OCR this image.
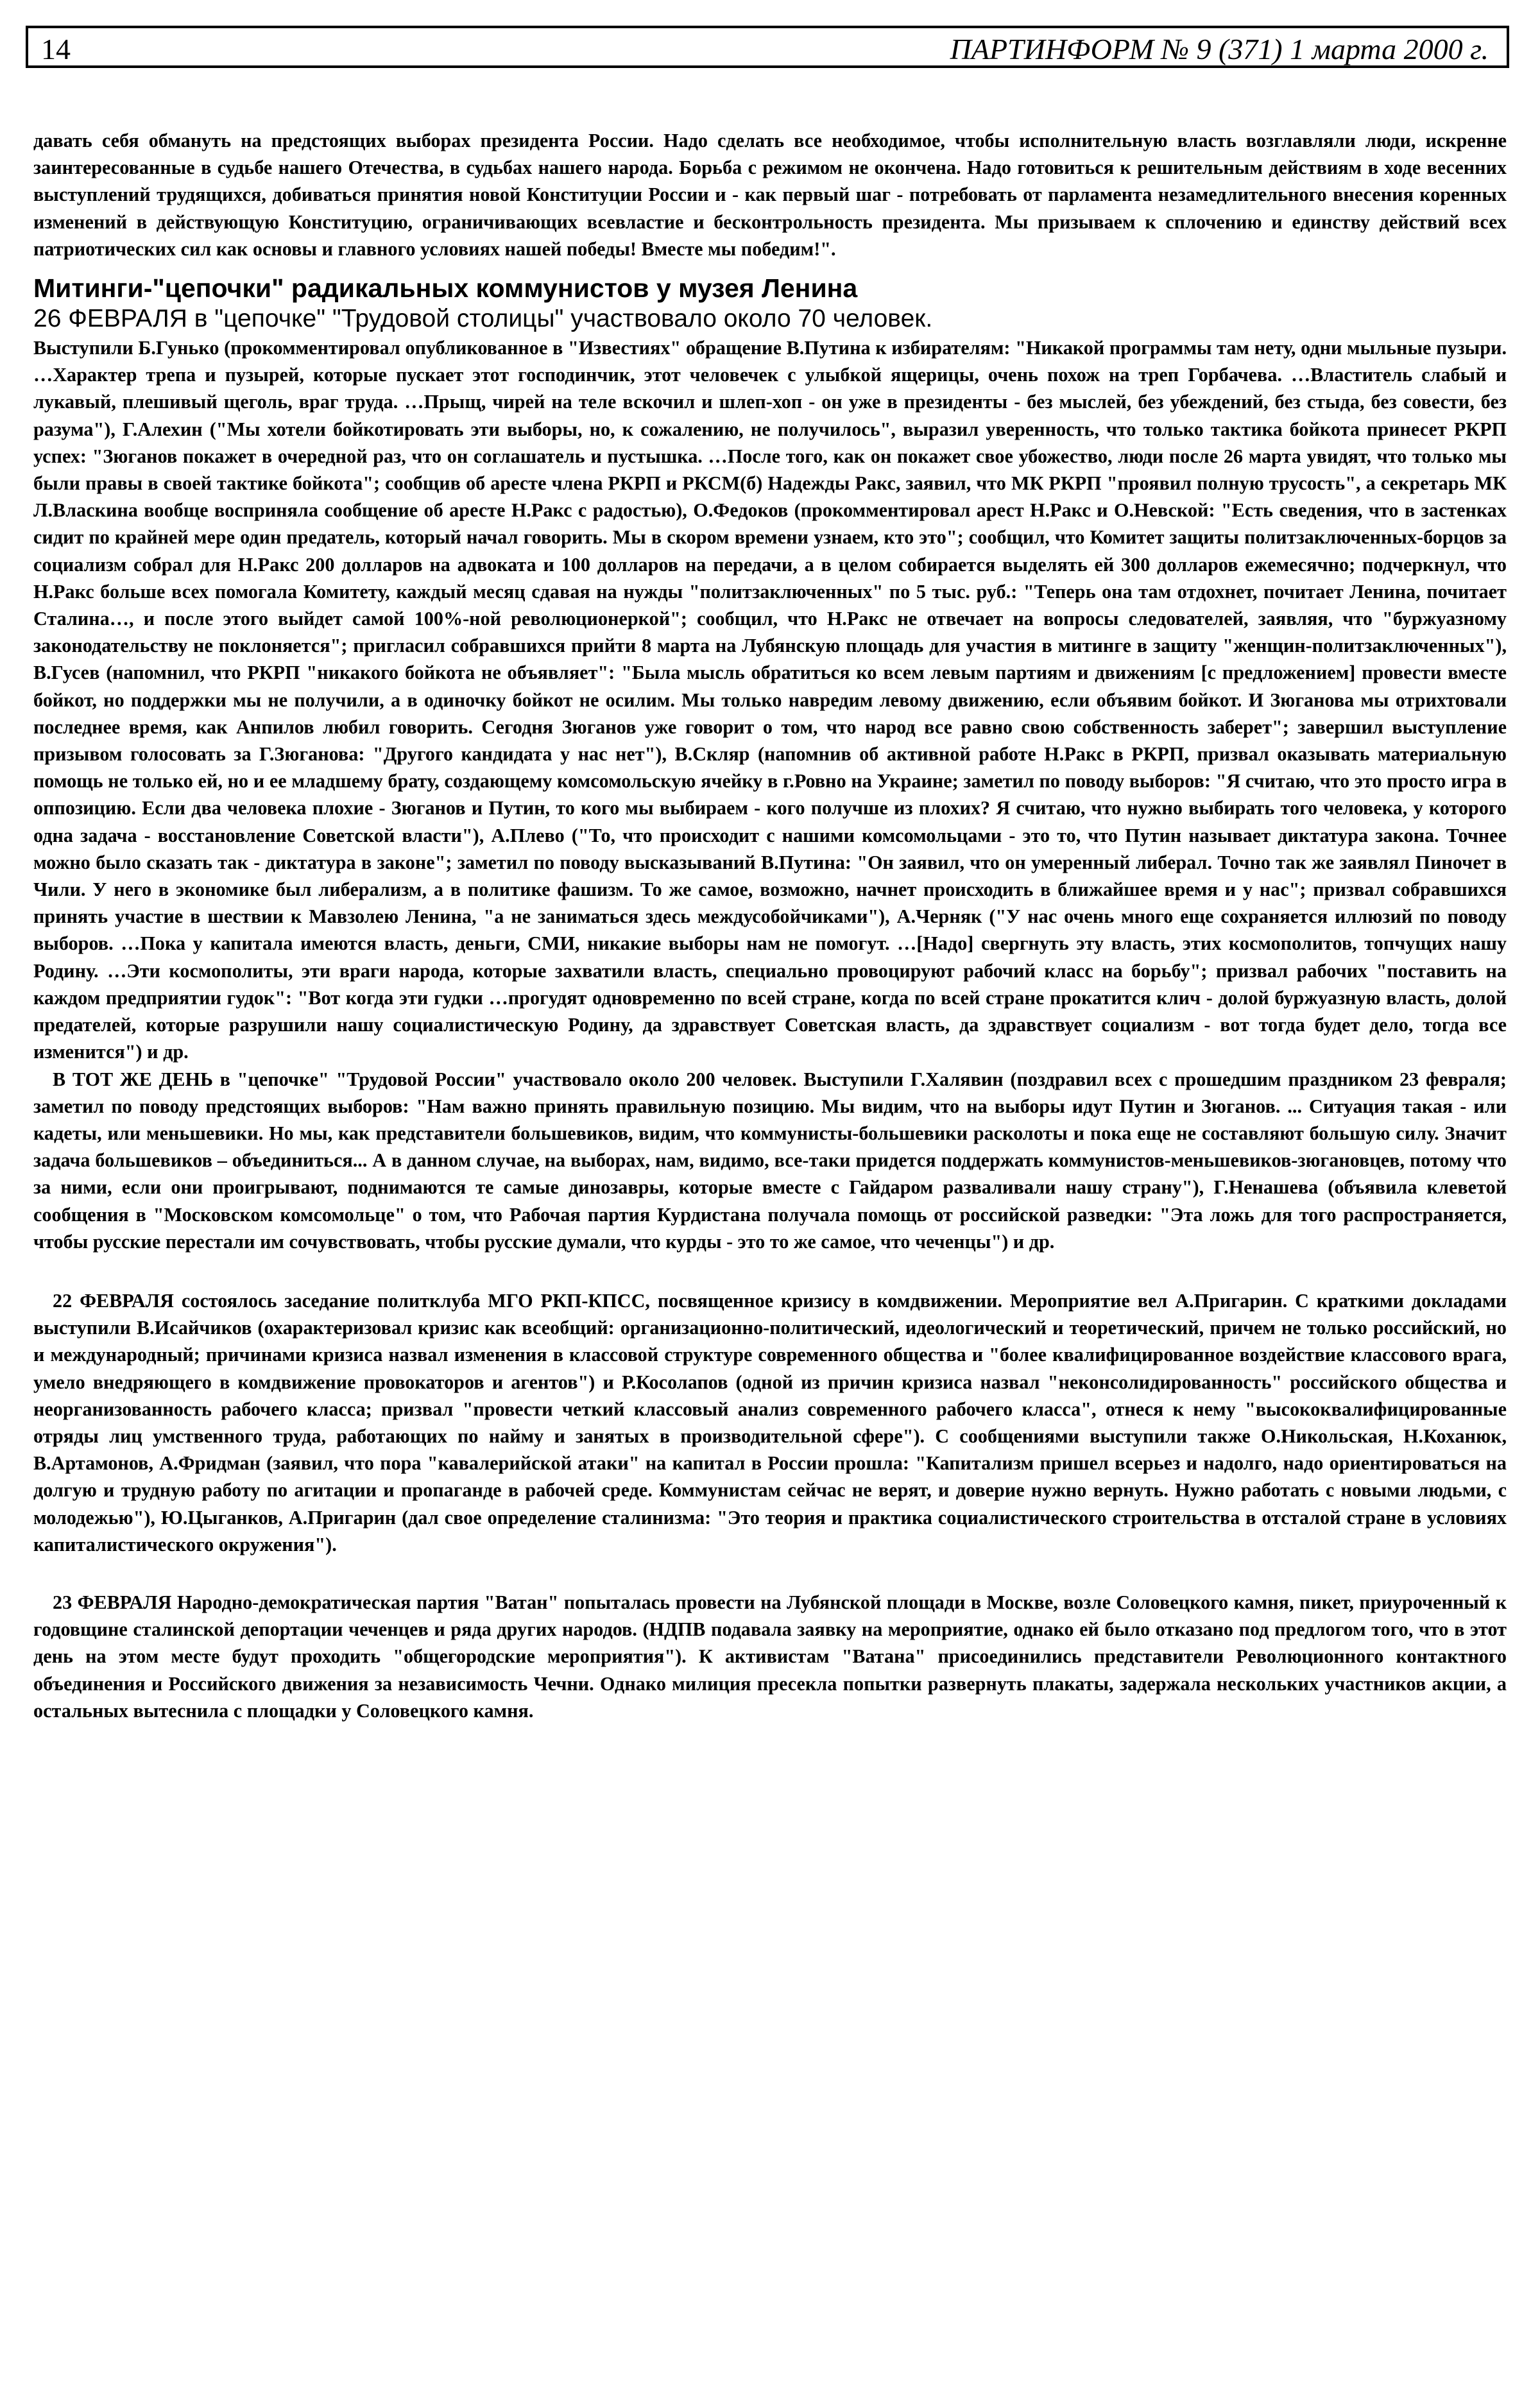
14	ПАРТИНФОРМ № 9 (371) 1 марта 2000 г.

давать себя обмануть на предстоящих выборах президента России. Надо сделать все необходимое, чтобы исполнительную власть возглавляли люди, искренне заинтересованные в судьбе нашего Отечества, в судьбах нашего народа. Борьба с режимом не окончена. Надо готовиться к решительным действиям в ходе весенних выступлений трудящихся, добиваться принятия новой Конституции России и - как первый шаг - потребовать от парламента незамедлительного внесения коренных изменений в действующую Конституцию, ограничивающих всевластие и бесконтрольность президента. Мы призываем к сплочению и единству действий всех патриотических сил как основы и главного условиях нашей победы! Вместе мы победим!".

Митинги-"цепочки" радикальных коммунистов у музея Ленина

26 ФЕВРАЛЯ в "цепочке" "Трудовой столицы" участвовало около 70 человек.

Выступили Б.Гунько (прокомментировал опубликованное в "Известиях" обращение В.Путина к избирателям: "Никакой программы там нету, одни мыльные пузыри. …Характер трепа и пузырей, которые пускает этот господинчик, этот человечек с улыбкой ящерицы, очень похож на треп Горбачева. …Властитель слабый и лукавый, плешивый щеголь, враг труда. …Прыщ, чирей на теле вскочил и шлеп-хоп - он уже в президенты - без мыслей, без убеждений, без стыда, без совести, без разума"), Г.Алехин ("Мы хотели бойкотировать эти выборы, но, к сожалению, не получилось", выразил уверенность, что только тактика бойкота принесет РКРП успех: "Зюганов покажет в очередной раз, что он соглашатель и пустышка. …После того, как он покажет свое убожество, люди после 26 марта увидят, что только мы были правы в своей тактике бойкота"; сообщив об аресте члена РКРП и РКСМ(б) Надежды Ракс, заявил, что МК РКРП "проявил полную трусость", а секретарь МК Л.Власкина вообще восприняла сообщение об аресте Н.Ракс с радостью), О.Федоков (прокомментировал арест Н.Ракс и О.Невской: "Есть сведения, что в застенках сидит по крайней мере один предатель, который начал говорить. Мы в скором времени узнаем, кто это"; сообщил, что Комитет защиты политзаключенных-борцов за социализм собрал для Н.Ракс 200 долларов на адвоката и 100 долларов на передачи, а в целом собирается выделять ей 300 долларов ежемесячно; подчеркнул, что Н.Ракс больше всех помогала Комитету, каждый месяц сдавая на нужды "политзаключенных" по 5 тыс. руб.: "Теперь она там отдохнет, почитает Ленина, почитает Сталина…, и после этого выйдет самой 100%-ной революционеркой"; сообщил, что Н.Ракс не отвечает на вопросы следователей, заявляя, что "буржуазному законодательству не поклоняется"; пригласил собравшихся прийти 8 марта на Лубянскую площадь для участия в митинге в защиту "женщин-политзаключенных"), В.Гусев (напомнил, что РКРП "никакого бойкота не объявляет": "Была мысль обратиться ко всем левым партиям и движениям [с предложением] провести вместе бойкот, но поддержки мы не получили, а в одиночку бойкот не осилим. Мы только навредим левому движению, если объявим бойкот. И Зюганова мы отрихтовали последнее время, как Анпилов любил говорить. Сегодня Зюганов уже говорит о том, что народ все равно свою собственность заберет"; завершил выступление призывом голосовать за Г.Зюганова: "Другого кандидата у нас нет"), В.Скляр (напомнив об активной работе Н.Ракс в РКРП, призвал оказывать материальную помощь не только ей, но и ее младшему брату, создающему комсомольскую ячейку в г.Ровно на Украине; заметил по поводу выборов: "Я считаю, что это просто игра в оппозицию. Если два человека плохие - Зюганов и Путин, то кого мы выбираем - кого получше из плохих? Я считаю, что нужно выбирать того человека, у которого одна задача - восстановление Советской власти"), А.Плево ("То, что происходит с нашими комсомольцами - это то, что Путин называет диктатура закона. Точнее можно было сказать так - диктатура в законе"; заметил по поводу высказываний В.Путина: "Он заявил, что он умеренный либерал. Точно так же заявлял Пиночет в Чили. У него в экономике был либерализм, а в политике фашизм. То же самое, возможно, начнет происходить в ближайшее время и у нас"; призвал собравшихся принять участие в шествии к Мавзолею Ленина, "а не заниматься здесь междусобойчиками"), А.Черняк ("У нас очень много еще сохраняется иллюзий по поводу выборов. …Пока у капитала имеются власть, деньги, СМИ, никакие выборы нам не помогут. …[Надо] свергнуть эту власть, этих космополитов, топчущих нашу Родину. …Эти космополиты, эти враги народа, которые захватили власть, специально провоцируют рабочий класс на борьбу"; призвал рабочих "поставить на каждом предприятии гудок": "Вот когда эти гудки …прогудят одновременно по всей стране, когда по всей стране прокатится клич - долой буржуазную власть, долой предателей, которые разрушили нашу социалистическую Родину, да здравствует Советская власть, да здравствует социализм - вот тогда будет дело, тогда все изменится") и др.

В ТОТ ЖЕ ДЕНЬ в "цепочке" "Трудовой России" участвовало около 200 человек. Выступили Г.Халявин (поздравил всех с прошедшим праздником 23 февраля; заметил по поводу предстоящих выборов: "Нам важно принять правильную позицию. Мы видим, что на выборы идут Путин и Зюганов. ... Ситуация такая - или кадеты, или меньшевики. Но мы, как представители большевиков, видим, что коммунисты-большевики расколоты и пока еще не составляют большую силу. Значит задача большевиков – объединиться... А в данном случае, на выборах, нам, видимо, все-таки придется поддержать коммунистов-меньшевиков-зюгановцев, потому что за ними, если они проигрывают, поднимаются те самые динозавры, которые вместе с Гайдаром разваливали нашу страну"), Г.Ненашева (объявила клеветой сообщения в "Московском комсомольце" о том, что Рабочая партия Курдистана получала помощь от российской разведки: "Эта ложь для того распространяется, чтобы русские перестали им сочувствовать, чтобы русские думали, что курды - это то же самое, что чеченцы") и др.

22 ФЕВРАЛЯ состоялось заседание политклуба МГО РКП-КПСС, посвященное кризису в комдвижении. Мероприятие вел А.Пригарин. С краткими докладами выступили В.Исайчиков (охарактеризовал кризис как всеобщий: организационно-политический, идеологический и теоретический, причем не только российский, но и международный; причинами кризиса назвал изменения в классовой структуре современного общества и "более квалифицированное воздействие классового врага, умело внедряющего в комдвижение провокаторов и агентов") и Р.Косолапов (одной из причин кризиса назвал "неконсолидированность" российского общества и неорганизованность рабочего класса; призвал "провести четкий классовый анализ современного рабочего класса", отнеся к нему "высококвалифицированные отряды лиц умственного труда, работающих по найму и занятых в производительной сфере"). С сообщениями выступили также О.Никольская, Н.Коханюк, В.Артамонов, А.Фридман (заявил, что пора "кавалерийской атаки" на капитал в России прошла: "Капитализм пришел всерьез и надолго, надо ориентироваться на долгую и трудную работу по агитации и пропаганде в рабочей среде. Коммунистам сейчас не верят, и доверие нужно вернуть. Нужно работать с новыми людьми, с молодежью"), Ю.Цыганков, А.Пригарин (дал свое определение сталинизма: "Это теория и практика социалистического строительства в отсталой стране в условиях капиталистического окружения").

23 ФЕВРАЛЯ Народно-демократическая партия "Ватан" попыталась провести на Лубянской площади в Москве, возле Соловецкого камня, пикет, приуроченный к годовщине сталинской депортации чеченцев и ряда других народов. (НДПВ подавала заявку на мероприятие, однако ей было отказано под предлогом того, что в этот день на этом месте будут проходить "общегородские мероприятия"). К активистам "Ватана" присоединились представители Революционного контактного объединения и Российского движения за независимость Чечни. Однако милиция пресекла попытки развернуть плакаты, задержала нескольких участников акции, а остальных вытеснила с площадки у Соловецкого камня.
